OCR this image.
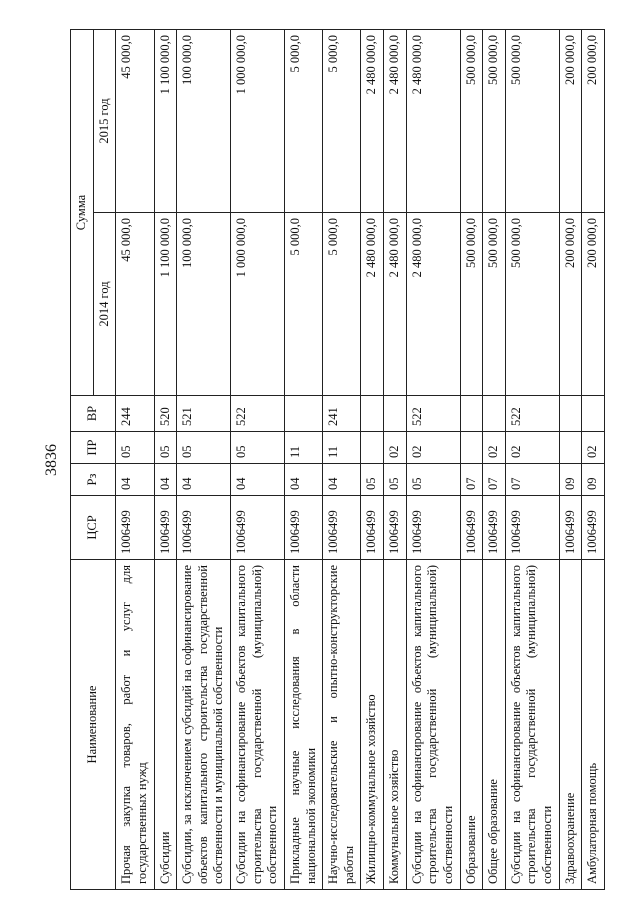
3836
Наименование	ЦСР	Рз	ПР	ВР	Сумма	
					2014 год	2015 год
Прочая закупка товаров, работ и услуг для государственных нужд	1006499	04	05	244	45 000,0	45 000,0
Субсидии	1006499	04	05	520	1 100 000,0	1 100 000,0
Субсидии, за исключением субсидий на софинансирование объектов капитального строительства государственной собственности и муниципальной собственности	1006499	04	05	521	100 000,0	100 000,0
Субсидии на софинансирование объектов капитального строительства государственной (муниципальной) собственности	1006499	04	05	522	1 000 000,0	1 000 000,0
Прикладные научные исследования в области национальной экономики	1006499	04	11		5 000,0	5 000,0
Научно-исследовательские и опытно-конструкторские работы	1006499	04	11	241	5 000,0	5 000,0
Жилищно-коммунальное хозяйство	1006499	05			2 480 000,0	2 480 000,0
Коммунальное хозяйство	1006499	05	02		2 480 000,0	2 480 000,0
Субсидии на софинансирование объектов капитального строительства государственной (муниципальной) собственности	1006499	05	02	522	2 480 000,0	2 480 000,0
Образование	1006499	07			500 000,0	500 000,0
Общее образование	1006499	07	02		500 000,0	500 000,0
Субсидии на софинансирование объектов капитального строительства государственной (муниципальной) собственности	1006499	07	02	522	500 000,0	500 000,0
Здравоохранение	1006499	09			200 000,0	200 000,0
Амбулаторная помощь	1006499	09	02		200 000,0	200 000,0
